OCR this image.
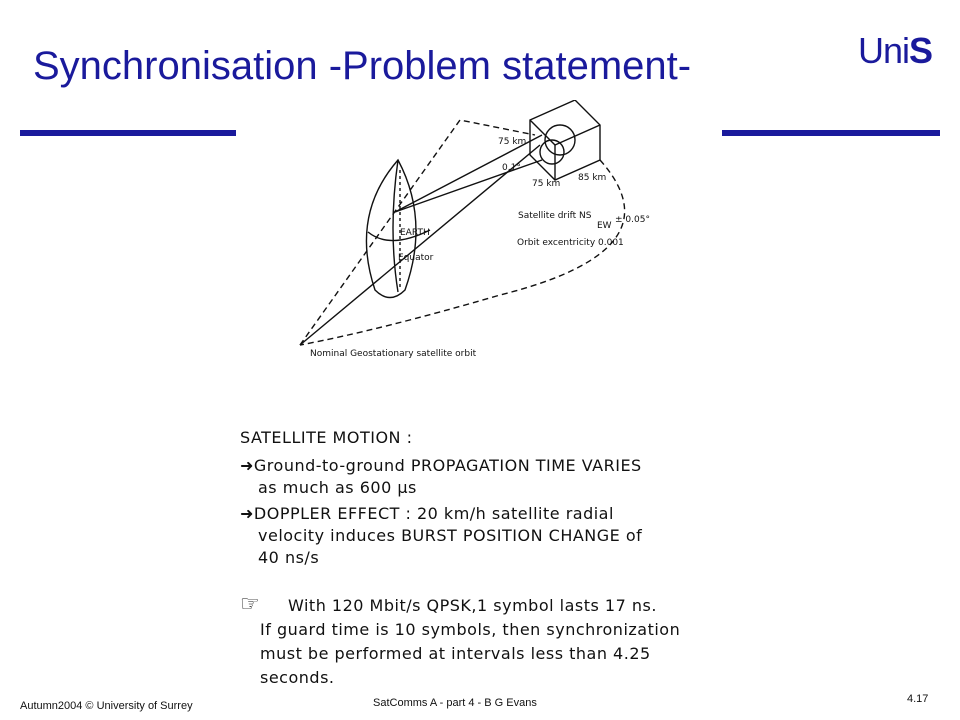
Synchronisation -Problem statement-	UniS
75 km
0.1°
75 km
85 km
Satellite drift NS
EW
± 0.05°
Orbit excentricity 0.001
EARTH
Equator
Nominal Geostationary satellite orbit
SATELLITE MOTION :
➜Ground-to-ground PROPAGATION TIME VARIES
as much as 600 μs
➜DOPPLER EFFECT : 20 km/h satellite radial
velocity induces BURST POSITION CHANGE of
40 ns/s
☞ With 120 Mbit/s QPSK,1 symbol lasts 17 ns.
If guard time is 10 symbols, then synchronization
must be performed at intervals less than 4.25
seconds.
Autumn2004 © University of Surrey	SatComms A - part 4 - B G Evans	4.17
